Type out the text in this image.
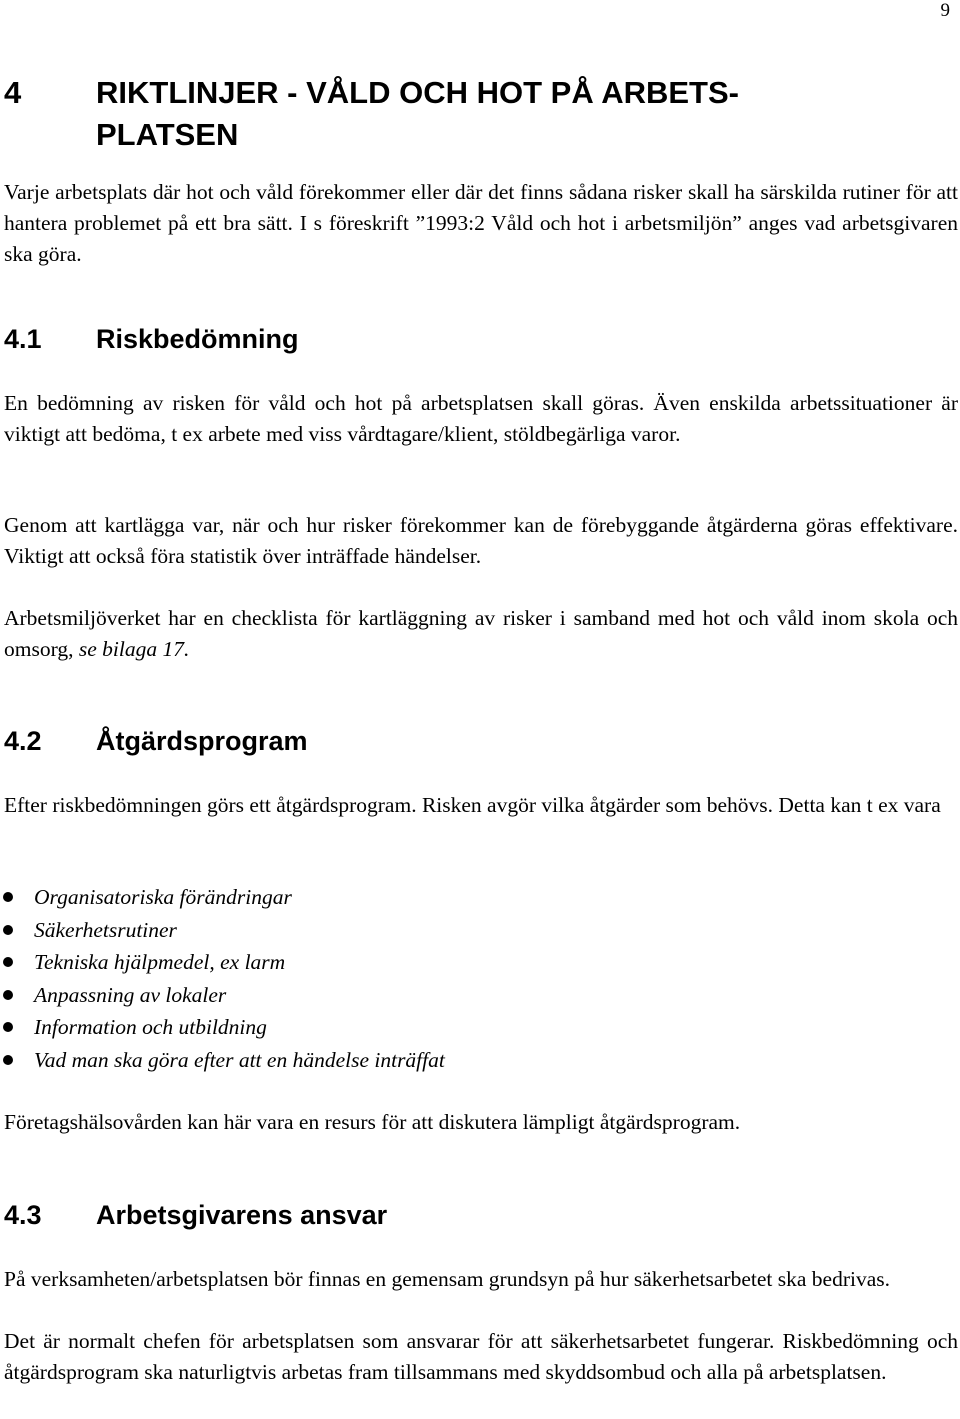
9
4	RIKTLINJER - VÅLD OCH HOT PÅ ARBETS-PLATSEN

Varje arbetsplats där hot och våld förekommer eller där det finns sådana risker skall ha särskilda rutiner för att hantera problemet på ett bra sätt. I s föreskrift ”1993:2 Våld och hot i arbetsmiljön” anges vad arbetsgivaren ska göra.

4.1 Riskbedömning

En bedömning av risken för våld och hot på arbetsplatsen skall göras. Även enskilda arbetssituationer är viktigt att bedöma, t ex arbete med viss vårdtagare/klient, stöldbegärliga varor.

Genom att kartlägga var, när och hur risker förekommer kan de förebyggande åtgärderna göras effektivare. Viktigt att också föra statistik över inträffade händelser.

Arbetsmiljöverket har en checklista för kartläggning av risker i samband med hot och våld inom skola och omsorg, se bilaga 17.

4.2 Åtgärdsprogram

Efter riskbedömningen görs ett åtgärdsprogram. Risken avgör vilka åtgärder som behövs. Detta kan t ex vara

Organisatoriska förändringar
Säkerhetsrutiner
Tekniska hjälpmedel, ex larm
Anpassning av lokaler
Information och utbildning
Vad man ska göra efter att en händelse inträffat

Företagshälsovården kan här vara en resurs för att diskutera lämpligt åtgärdsprogram.

4.3 Arbetsgivarens ansvar

På verksamheten/arbetsplatsen bör finnas en gemensam grundsyn på hur säkerhetsarbetet ska bedrivas.

Det är normalt chefen för arbetsplatsen som ansvarar för att säkerhetsarbetet fungerar. Riskbedömning och åtgärdsprogram ska naturligtvis arbetas fram tillsammans med skyddsombud och alla på arbetsplatsen.
